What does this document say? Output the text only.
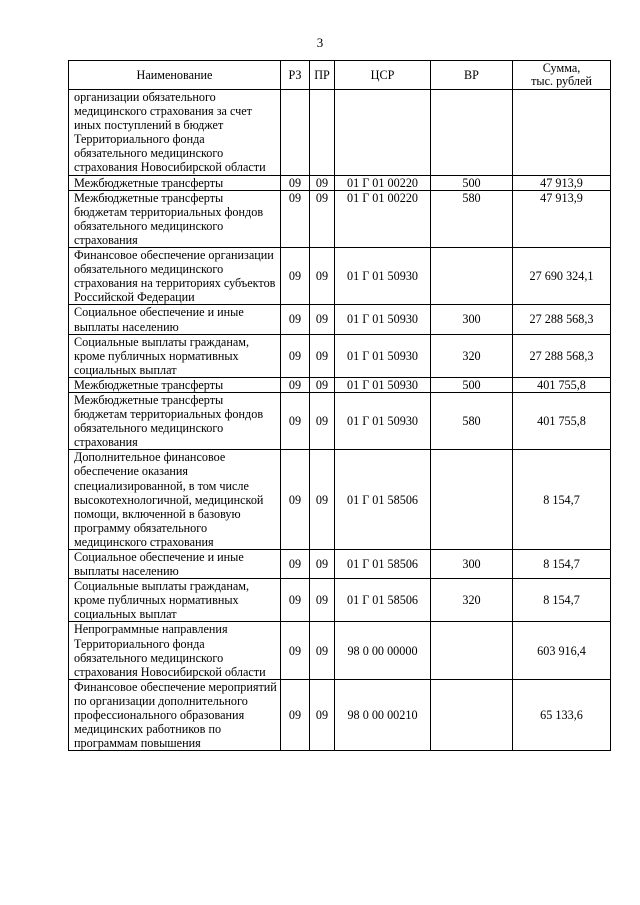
3
Наименование	РЗ	ПР	ЦСР	ВР	Сумма,
тыс. рублей
организации обязательного медицинского страхования за счет иных поступлений в бюджет Территориального фонда обязательного медицинского страхования Новосибирской области					
Межбюджетные трансферты	09	09	01 Г 01 00220	500	47 913,9
Межбюджетные трансферты бюджетам территориальных фондов обязательного медицинского страхования	09	09	01 Г 01 00220	580	47 913,9
Финансовое обеспечение организации обязательного медицинского страхования на территориях субъектов Российской Федерации	09	09	01 Г 01 50930		27 690 324,1
Социальное обеспечение и иные выплаты населению	09	09	01 Г 01 50930	300	27 288 568,3
Социальные выплаты гражданам, кроме публичных нормативных социальных выплат	09	09	01 Г 01 50930	320	27 288 568,3
Межбюджетные трансферты	09	09	01 Г 01 50930	500	401 755,8
Межбюджетные трансферты бюджетам территориальных фондов обязательного медицинского страхования	09	09	01 Г 01 50930	580	401 755,8
Дополнительное финансовое обеспечение оказания специализированной, в том числе высокотехнологичной, медицинской помощи, включенной в базовую программу обязательного медицинского страхования	09	09	01 Г 01 58506		8 154,7
Социальное обеспечение и иные выплаты населению	09	09	01 Г 01 58506	300	8 154,7
Социальные выплаты гражданам, кроме публичных нормативных социальных выплат	09	09	01 Г 01 58506	320	8 154,7
Непрограммные направления Территориального фонда обязательного медицинского страхования Новосибирской области	09	09	98 0 00 00000		603 916,4
Финансовое обеспечение мероприятий по организации дополнительного профессионального образования медицинских работников по программам повышения	09	09	98 0 00 00210		65 133,6
